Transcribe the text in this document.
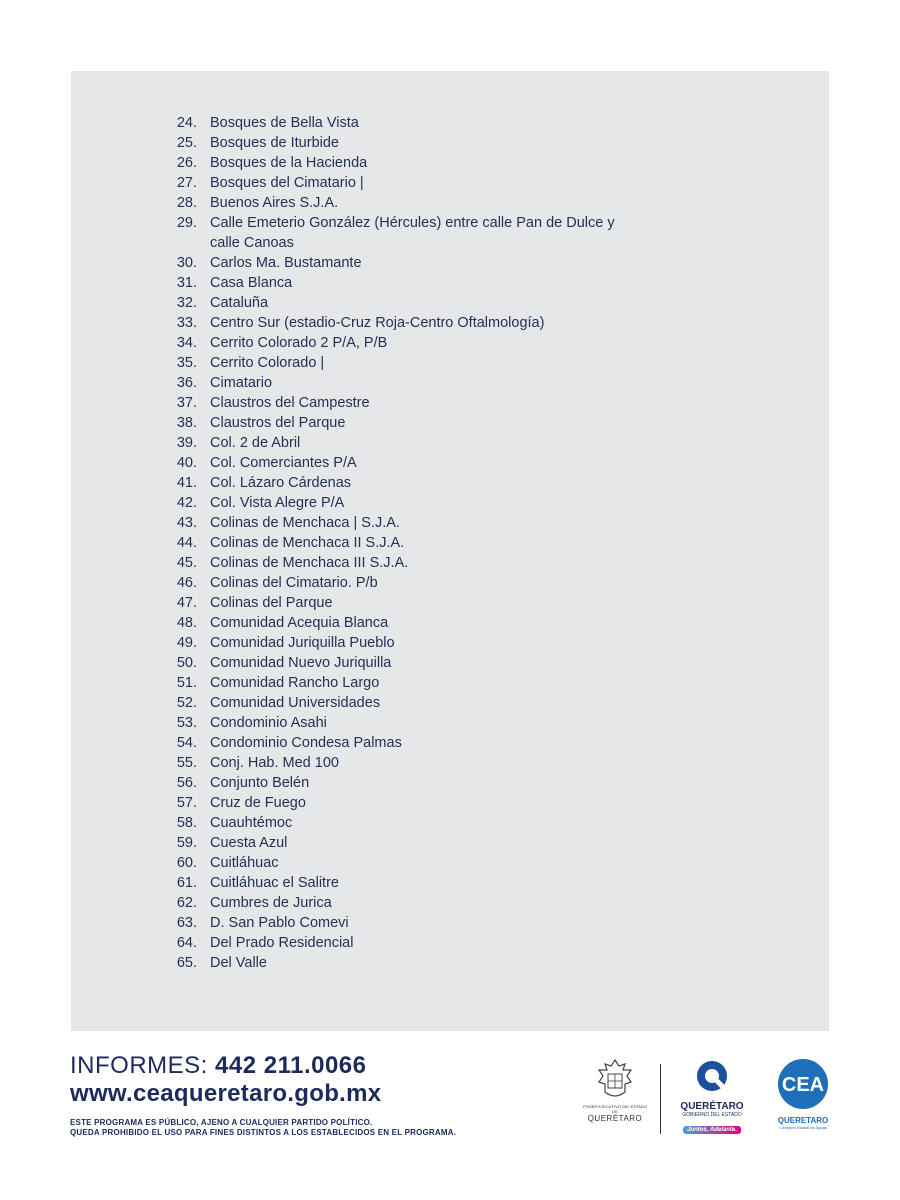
24. Bosques de Bella Vista
25. Bosques de Iturbide
26. Bosques de la Hacienda
27. Bosques del Cimatario |
28. Buenos Aires S.J.A.
29. Calle Emeterio González (Hércules) entre calle Pan de Dulce y calle Canoas
30. Carlos Ma. Bustamante
31. Casa Blanca
32. Cataluña
33. Centro Sur (estadio-Cruz Roja-Centro Oftalmología)
34. Cerrito Colorado 2 P/A, P/B
35. Cerrito Colorado |
36. Cimatario
37. Claustros del Campestre
38. Claustros del Parque
39. Col. 2 de Abril
40. Col. Comerciantes P/A
41. Col. Lázaro Cárdenas
42. Col. Vista Alegre P/A
43. Colinas de Menchaca | S.J.A.
44. Colinas de Menchaca II S.J.A.
45. Colinas de Menchaca III S.J.A.
46. Colinas del Cimatario. P/b
47. Colinas del Parque
48. Comunidad Acequia Blanca
49. Comunidad Juriquilla Pueblo
50. Comunidad Nuevo Juriquilla
51. Comunidad Rancho Largo
52. Comunidad Universidades
53. Condominio Asahi
54. Condominio Condesa Palmas
55. Conj. Hab. Med 100
56. Conjunto Belén
57. Cruz de Fuego
58. Cuauhtémoc
59. Cuesta Azul
60. Cuitláhuac
61. Cuitláhuac el Salitre
62. Cumbres de Jurica
63. D. San Pablo Comevi
64. Del Prado Residencial
65. Del Valle
INFORMES: 442 211.0066
www.ceaqueretaro.gob.mx
ESTE PROGRAMA ES PÚBLICO, AJENO A CUALQUIER PARTIDO POLÍTICO.
QUEDA PROHIBIDO EL USO PARA FINES DISTINTOS A LOS ESTABLECIDOS EN EL PROGRAMA.
PODER EJECUTIVO DEL ESTADO DE
QUERÉTARO
QUERÉTARO
GOBIERNO DEL ESTADO
Juntos, Adelante.
CEA
QUERETARO
Comisión Estatal de Aguas
